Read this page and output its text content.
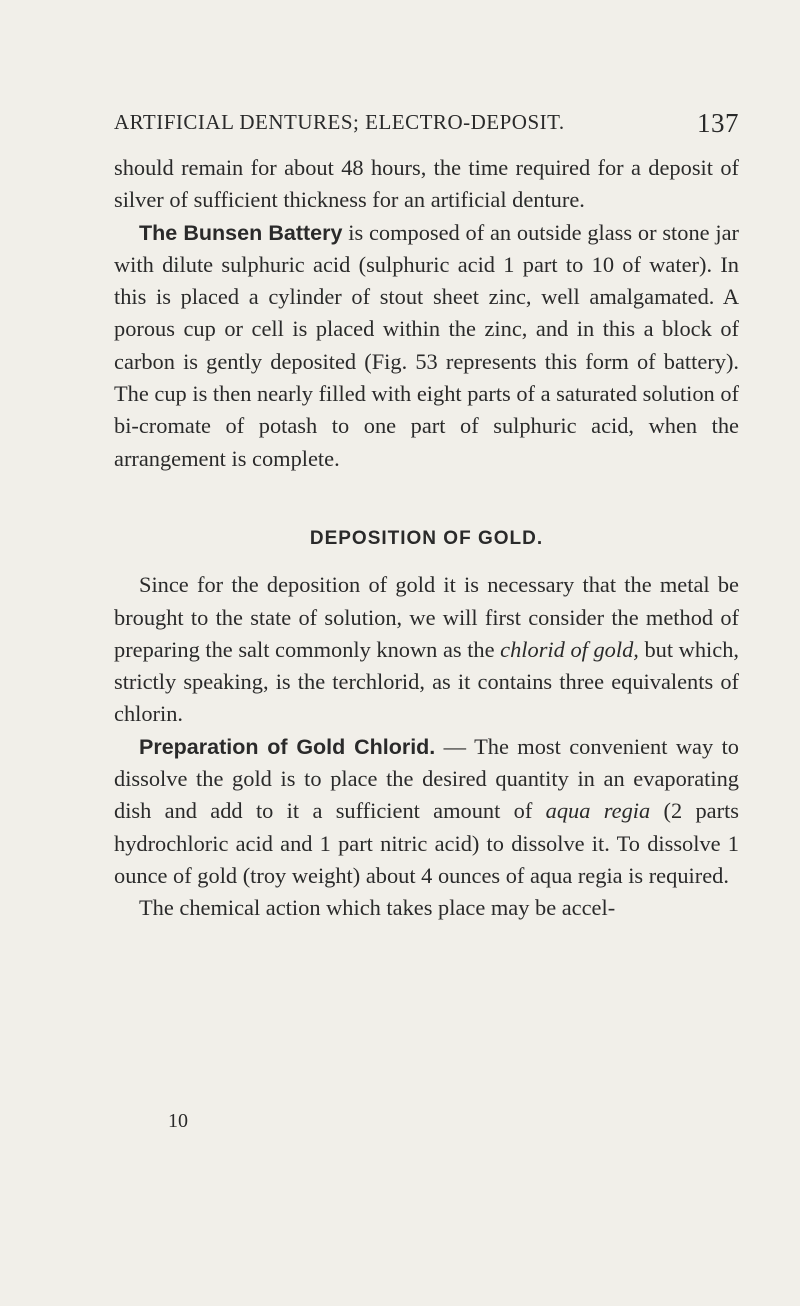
ARTIFICIAL DENTURES; ELECTRO-DEPOSIT.	137

should remain for about 48 hours, the time required for a deposit of silver of sufficient thickness for an artificial denture.

The Bunsen Battery is composed of an outside glass or stone jar with dilute sulphuric acid (sulphuric acid 1 part to 10 of water). In this is placed a cylinder of stout sheet zinc, well amalgamated. A porous cup or cell is placed within the zinc, and in this a block of carbon is gently deposited (Fig. 53 represents this form of battery). The cup is then nearly filled with eight parts of a saturated solution of bi-cromate of potash to one part of sulphuric acid, when the arrangement is complete.

DEPOSITION OF GOLD.

Since for the deposition of gold it is necessary that the metal be brought to the state of solution, we will first consider the method of preparing the salt commonly known as the chlorid of gold, but which, strictly speaking, is the terchlorid, as it contains three equivalents of chlorin.

Preparation of Gold Chlorid. — The most convenient way to dissolve the gold is to place the desired quantity in an evaporating dish and add to it a sufficient amount of aqua regia (2 parts hydrochloric acid and 1 part nitric acid) to dissolve it. To dissolve 1 ounce of gold (troy weight) about 4 ounces of aqua regia is required.

The chemical action which takes place may be accel-

10
